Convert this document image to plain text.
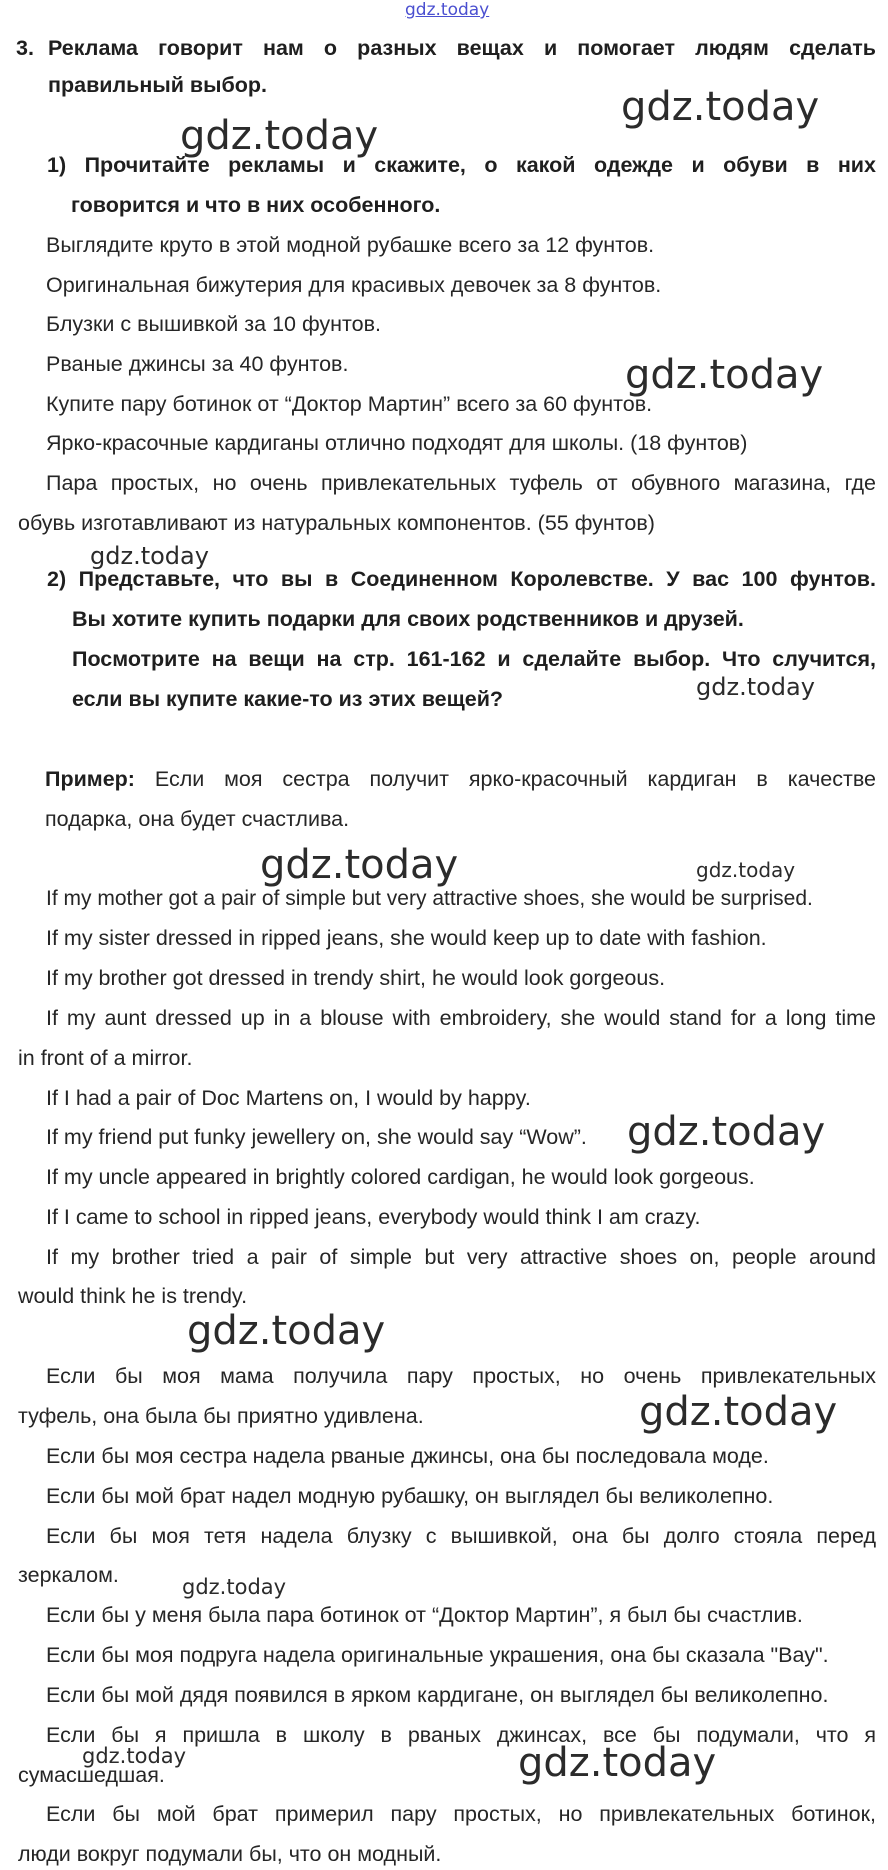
gdz.today
3. Реклама говорит нам о разных вещах и помогает людям сделать
правильный выбор.
1) Прочитайте рекламы и скажите, о какой одежде и обуви в них
говорится и что в них особенного.
Выглядите круто в этой модной рубашке всего за 12 фунтов.
Оригинальная бижутерия для красивых девочек за 8 фунтов.
Блузки с вышивкой за 10 фунтов.
Рваные джинсы за 40 фунтов.
Купите пару ботинок от “Доктор Мартин” всего за 60 фунтов.
Ярко-красочные кардиганы отлично подходят для школы. (18 фунтов)
Пара простых, но очень привлекательных туфель от обувного магазина, где
обувь изготавливают из натуральных компонентов. (55 фунтов)
2) Представьте, что вы в Соединенном Королевстве. У вас 100 фунтов.
Вы хотите купить подарки для своих родственников и друзей.
Посмотрите на вещи на стр. 161-162 и сделайте выбор. Что случится,
если вы купите какие-то из этих вещей?
Пример: Если моя сестра получит ярко-красочный кардиган в качестве
подарка, она будет счастлива.
If my mother got a pair of simple but very attractive shoes, she would be surprised.
If my sister dressed in ripped jeans, she would keep up to date with fashion.
If my brother got dressed in trendy shirt, he would look gorgeous.
If my aunt dressed up in a blouse with embroidery, she would stand for a long time
in front of a mirror.
If I had a pair of Doc Martens on, I would by happy.
If my friend put funky jewellery on, she would say “Wow”.
If my uncle appeared in brightly colored cardigan, he would look gorgeous.
If I came to school in ripped jeans, everybody would think I am crazy.
If my brother tried a pair of simple but very attractive shoes on, people around
would think he is trendy.
Если бы моя мама получила пару простых, но очень привлекательных
туфель, она была бы приятно удивлена.
Если бы моя сестра надела рваные джинсы, она бы последовала моде.
Если бы мой брат надел модную рубашку, он выглядел бы великолепно.
Если бы моя тетя надела блузку с вышивкой, она бы долго стояла перед
зеркалом.
Если бы у меня была пара ботинок от “Доктор Мартин”, я был бы счастлив.
Если бы моя подруга надела оригинальные украшения, она бы сказала "Вау".
Если бы мой дядя появился в ярком кардигане, он выглядел бы великолепно.
Если бы я пришла в школу в рваных джинсах, все бы подумали, что я
сумасшедшая.
Если бы мой брат примерил пару простых, но привлекательных ботинок,
люди вокруг подумали бы, что он модный.
gdz.today
gdz.today
gdz.today
gdz.today
gdz.today
gdz.today	gdz.today
gdz.today
gdz.today
gdz.today
gdz.today
gdz.today	gdz.today
